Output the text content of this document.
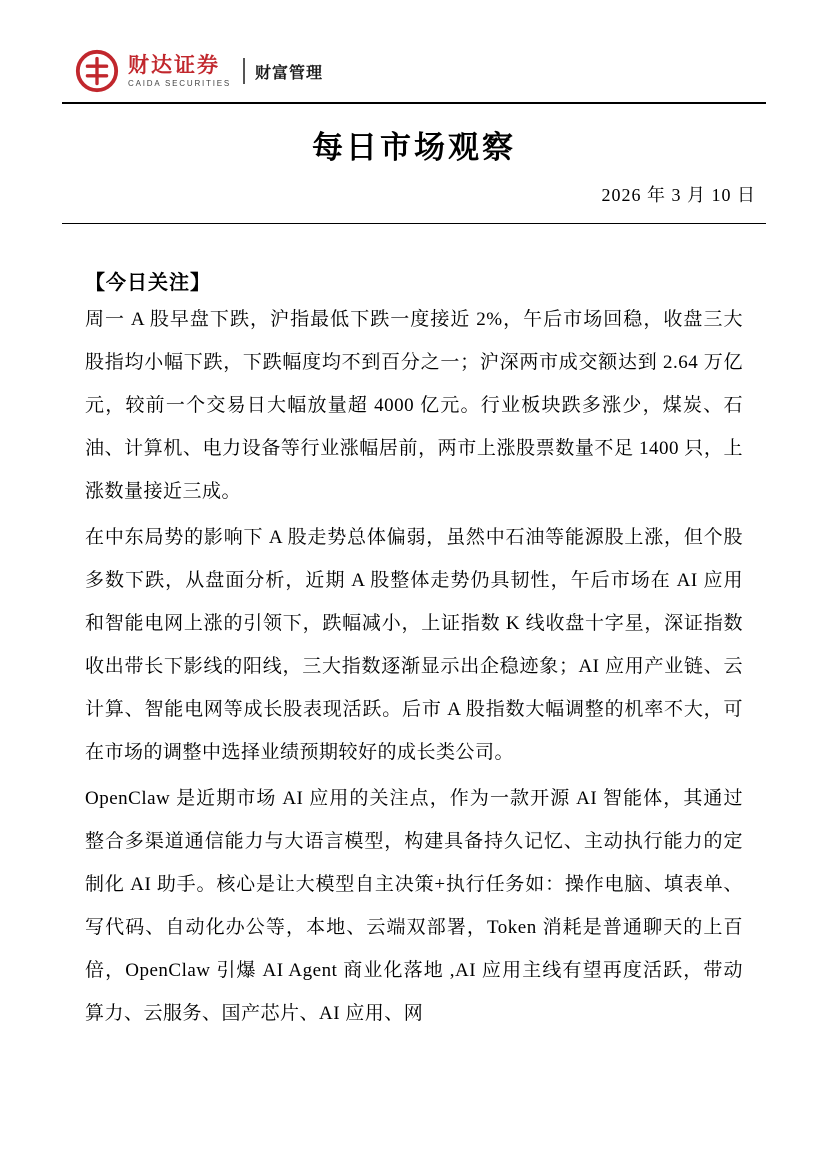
财达证券
CAIDA SECURITIES
财富管理
每日市场观察
2026 年 3 月 10 日
【今日关注】

周一 A 股早盘下跌，沪指最低下跌一度接近 2%，午后市场回稳，收盘三大股指均小幅下跌，下跌幅度均不到百分之一；沪深两市成交额达到 2.64 万亿元，较前一个交易日大幅放量超 4000 亿元。行业板块跌多涨少，煤炭、石油、计算机、电力设备等行业涨幅居前，两市上涨股票数量不足 1400 只，上涨数量接近三成。

在中东局势的影响下 A 股走势总体偏弱，虽然中石油等能源股上涨，但个股多数下跌，从盘面分析，近期 A 股整体走势仍具韧性，午后市场在 AI 应用和智能电网上涨的引领下，跌幅减小，上证指数 K 线收盘十字星，深证指数收出带长下影线的阳线，三大指数逐渐显示出企稳迹象；AI 应用产业链、云计算、智能电网等成长股表现活跃。后市 A 股指数大幅调整的机率不大，可在市场的调整中选择业绩预期较好的成长类公司。

OpenClaw 是近期市场 AI 应用的关注点，作为一款开源 AI 智能体，其通过整合多渠道通信能力与大语言模型，构建具备持久记忆、主动执行能力的定制化 AI 助手。核心是让大模型自主决策+执行任务如：操作电脑、填表单、写代码、自动化办公等，本地、云端双部署，Token 消耗是普通聊天的上百倍，OpenClaw 引爆 AI Agent 商业化落地 ,AI 应用主线有望再度活跃，带动算力、云服务、国产芯片、AI 应用、网
